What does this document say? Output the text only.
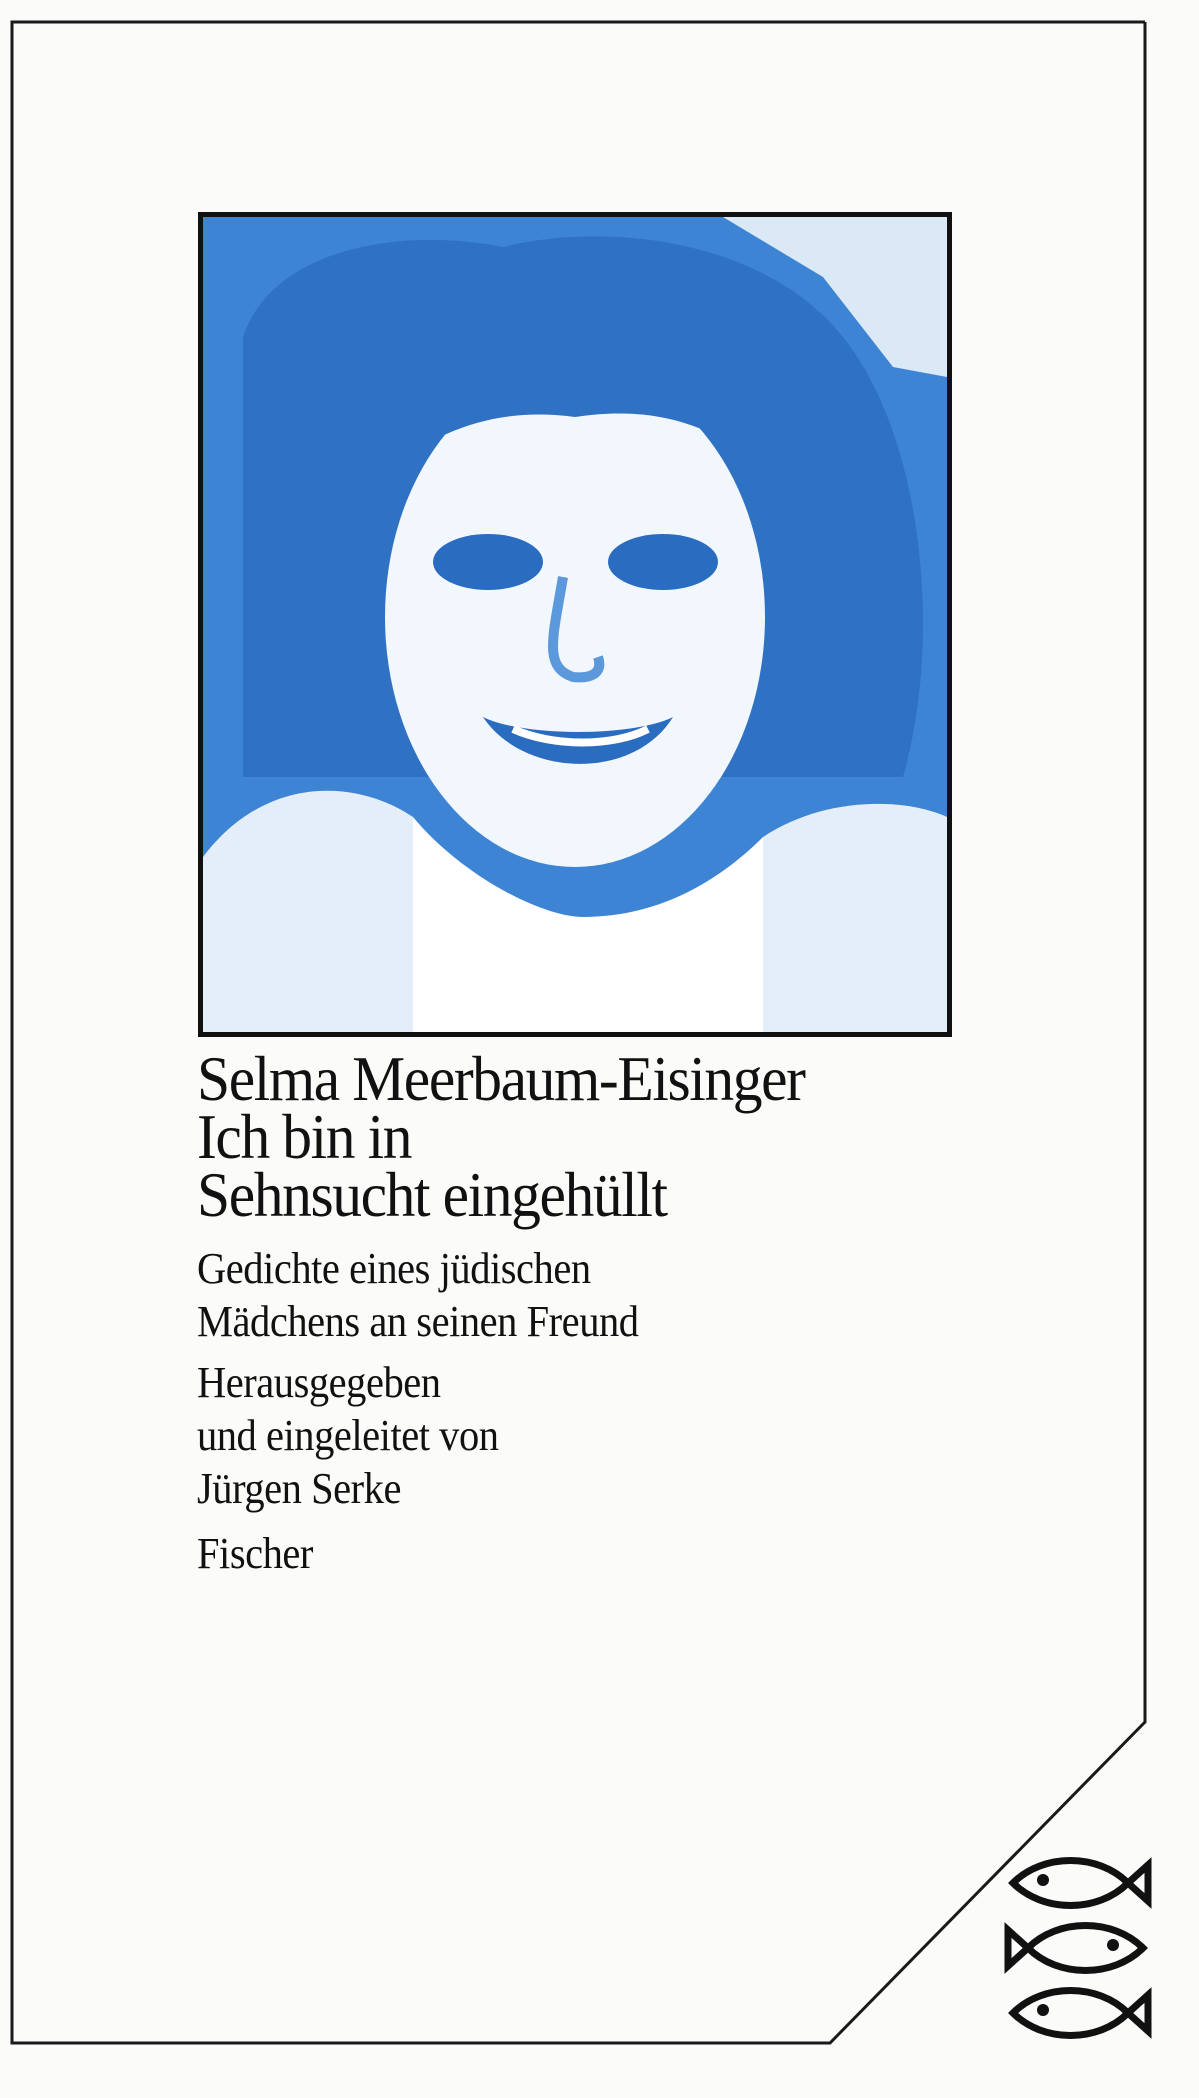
Selma Meerbaum-Eisinger
Ich bin in
Sehnsucht eingehüllt
Gedichte eines jüdischen
Mädchens an seinen Freund
Herausgegeben
und eingeleitet von
Jürgen Serke
Fischer
